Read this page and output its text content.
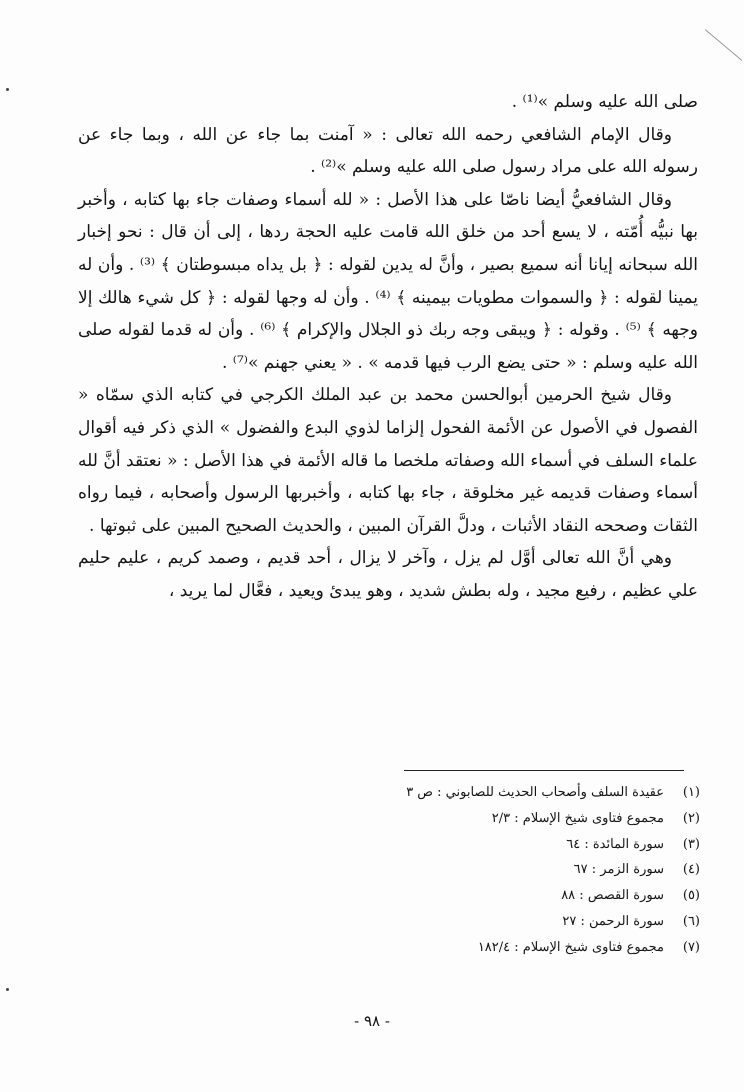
صلى الله عليه وسلم »⁽¹⁾ .

وقال الإمام الشافعي رحمه الله تعالى : « آمنت بما جاء عن الله ، وبما جاء عن رسوله الله على مراد رسول صلى الله عليه وسلم »⁽²⁾ .

وقال الشافعيُّ أيضا ناصّا على هذا الأصل : « لله أسماء وصفات جاء بها كتابه ، وأخبر بها نبيُّه أُمّته ، لا يسع أحد من خلق الله قامت عليه الحجة ردها ، إلى أن قال : نحو إخبار الله سبحانه إيانا أنه سميع بصير ، وأنَّ له يدين لقوله : ﴿ بل يداه مبسوطتان ﴾ ⁽³⁾ . وأن له يمينا لقوله : ﴿ والسموات مطويات بيمينه ﴾ ⁽⁴⁾ . وأن له وجها لقوله : ﴿ كل شيء هالك إلا وجهه ﴾ ⁽⁵⁾ . وقوله : ﴿ ويبقى وجه ربك ذو الجلال والإكرام ﴾ ⁽⁶⁾ . وأن له قدما لقوله صلى الله عليه وسلم : « حتى يضع الرب فيها قدمه » . « يعني جهنم »⁽⁷⁾ .

وقال شيخ الحرمين أبوالحسن محمد بن عبد الملك الكرجي في كتابه الذي سمّاه « الفصول في الأصول عن الأئمة الفحول إلزاما لذوي البدع والفضول » الذي ذكر فيه أقوال علماء السلف في أسماء الله وصفاته ملخصا ما قاله الأئمة في هذا الأصل : « نعتقد أنَّ لله أسماء وصفات قديمه غير مخلوقة ، جاء بها كتابه ، وأخبربها الرسول وأصحابه ، فيما رواه الثقات وصححه النقاد الأثبات ، ودلَّ القرآن المبين ، والحديث الصحيح المبين على ثبوتها .

وهي أنَّ الله تعالى أوَّل لم يزل ، وآخر لا يزال ، أحد قديم ، وصمد كريم ، عليم حليم علي عظيم ، رفيع مجيد ، وله بطش شديد ، وهو يبدئ ويعيد ، فعَّال لما يريد ،

(١)
عقيدة السلف وأصحاب الحديث للصابوني : ص ٣
(٢)
مجموع فتاوى شيخ الإسلام : ٢/٣
(٣)
سورة المائدة : ٦٤
(٤)
سورة الزمر : ٦٧
(٥)
سورة القصص : ٨٨
(٦)
سورة الرحمن : ٢٧
(٧)
مجموع فتاوى شيخ الإسلام : ١٨٢/٤
- ٩٨ -
